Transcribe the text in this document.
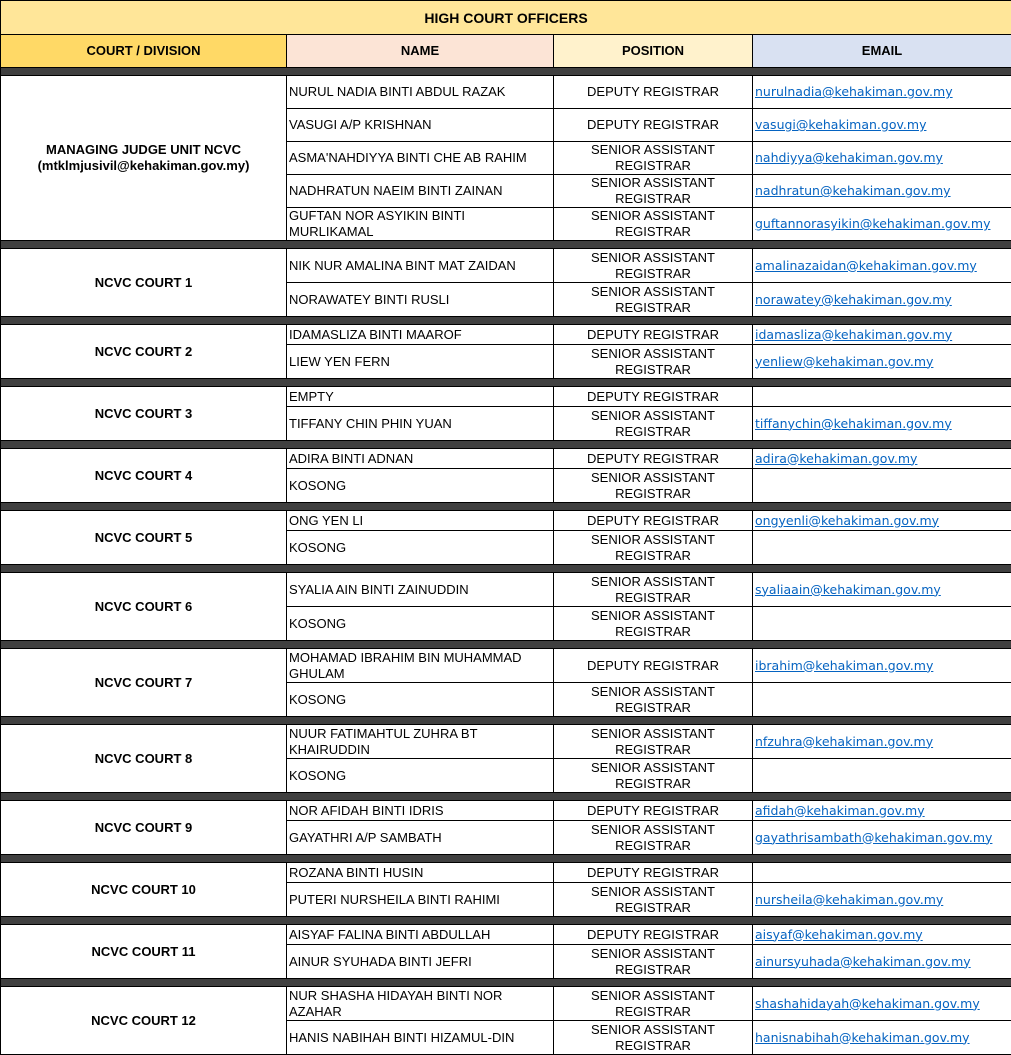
HIGH COURT OFFICERS			
COURT / DIVISION	NAME	POSITION	EMAIL

MANAGING JUDGE UNIT NCVC
(mtklmjusivil@kehakiman.gov.my)	NURUL NADIA BINTI ABDUL RAZAK	DEPUTY REGISTRAR	nurulnadia@kehakiman.gov.my
	VASUGI A/P KRISHNAN	DEPUTY REGISTRAR	vasugi@kehakiman.gov.my
	ASMA'NAHDIYYA BINTI CHE AB RAHIM	SENIOR ASSISTANT REGISTRAR	nahdiyya@kehakiman.gov.my
	NADHRATUN NAEIM BINTI ZAINAN	SENIOR ASSISTANT REGISTRAR	nadhratun@kehakiman.gov.my
	GUFTAN NOR ASYIKIN BINTI MURLIKAMAL	SENIOR ASSISTANT REGISTRAR	guftannorasyikin@kehakiman.gov.my

NCVC COURT 1	NIK NUR AMALINA BINT MAT ZAIDAN	SENIOR ASSISTANT REGISTRAR	amalinazaidan@kehakiman.gov.my
	NORAWATEY BINTI RUSLI	SENIOR ASSISTANT REGISTRAR	norawatey@kehakiman.gov.my

NCVC COURT 2	IDAMASLIZA BINTI MAAROF	DEPUTY REGISTRAR	idamasliza@kehakiman.gov.my
	LIEW YEN FERN	SENIOR ASSISTANT REGISTRAR	yenliew@kehakiman.gov.my

NCVC COURT 3	EMPTY	DEPUTY REGISTRAR	
	TIFFANY CHIN PHIN YUAN	SENIOR ASSISTANT REGISTRAR	tiffanychin@kehakiman.gov.my

NCVC COURT 4	ADIRA BINTI ADNAN	DEPUTY REGISTRAR	adira@kehakiman.gov.my
	KOSONG	SENIOR ASSISTANT REGISTRAR	

NCVC COURT 5	ONG YEN LI	DEPUTY REGISTRAR	ongyenli@kehakiman.gov.my
	KOSONG	SENIOR ASSISTANT REGISTRAR	

NCVC COURT 6	SYALIA AIN BINTI ZAINUDDIN	SENIOR ASSISTANT REGISTRAR	syaliaain@kehakiman.gov.my
	KOSONG	SENIOR ASSISTANT REGISTRAR	

NCVC COURT 7	MOHAMAD IBRAHIM BIN MUHAMMAD GHULAM	DEPUTY REGISTRAR	ibrahim@kehakiman.gov.my
	KOSONG	SENIOR ASSISTANT REGISTRAR	

NCVC COURT 8	NUUR FATIMAHTUL ZUHRA BT KHAIRUDDIN	SENIOR ASSISTANT REGISTRAR	nfzuhra@kehakiman.gov.my
	KOSONG	SENIOR ASSISTANT REGISTRAR	

NCVC COURT 9	NOR AFIDAH BINTI IDRIS	DEPUTY REGISTRAR	afidah@kehakiman.gov.my
	GAYATHRI A/P SAMBATH	SENIOR ASSISTANT REGISTRAR	gayathrisambath@kehakiman.gov.my

NCVC COURT 10	ROZANA BINTI HUSIN	DEPUTY REGISTRAR	
	PUTERI NURSHEILA BINTI RAHIMI	SENIOR ASSISTANT REGISTRAR	nursheila@kehakiman.gov.my

NCVC COURT 11	AISYAF FALINA BINTI ABDULLAH	DEPUTY REGISTRAR	aisyaf@kehakiman.gov.my
	AINUR SYUHADA BINTI JEFRI	SENIOR ASSISTANT REGISTRAR	ainursyuhada@kehakiman.gov.my

NCVC COURT 12	NUR SHASHA HIDAYAH BINTI NOR AZAHAR	SENIOR ASSISTANT REGISTRAR	shashahidayah@kehakiman.gov.my
	HANIS NABIHAH BINTI HIZAMUL-DIN	SENIOR ASSISTANT REGISTRAR	hanisnabihah@kehakiman.gov.my
